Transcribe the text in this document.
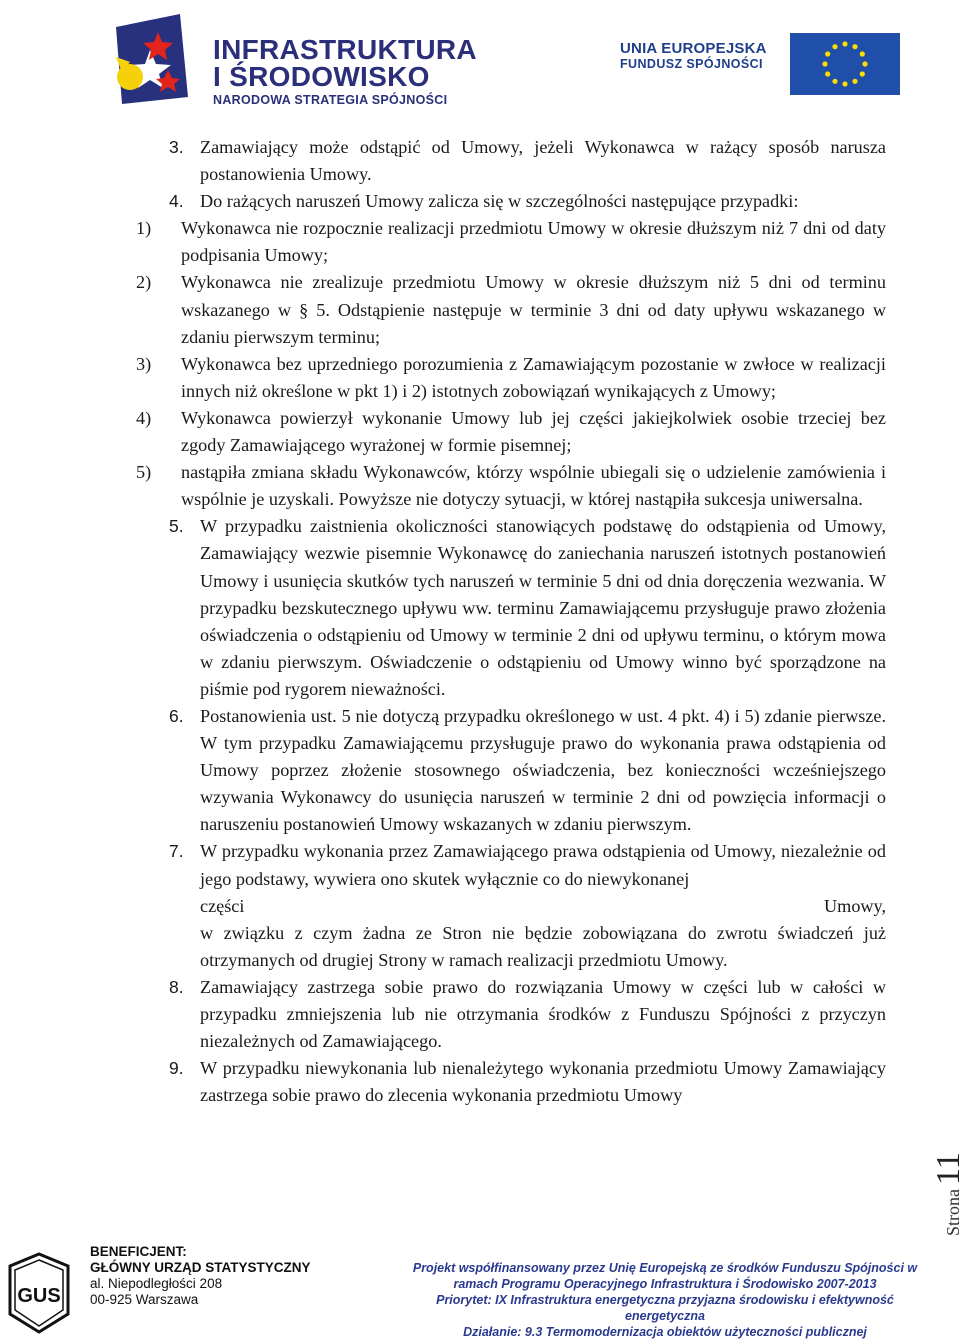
INFRASTRUKTURA
I ŚRODOWISKO
NARODOWA STRATEGIA SPÓJNOŚCI
UNIA EUROPEJSKA
FUNDUSZ SPÓJNOŚCI
3. Zamawiający może odstąpić od Umowy, jeżeli Wykonawca w rażący sposób narusza postanowienia Umowy.
4. Do rażących naruszeń Umowy zalicza się w szczególności następujące przypadki:
1) Wykonawca nie rozpocznie realizacji przedmiotu Umowy w okresie dłuższym niż 7 dni od daty podpisania Umowy;
2) Wykonawca nie zrealizuje przedmiotu Umowy w okresie dłuższym niż 5 dni od terminu wskazanego w § 5. Odstąpienie następuje w terminie 3 dni od daty upływu wskazanego w zdaniu pierwszym terminu;
3) Wykonawca bez uprzedniego porozumienia z Zamawiającym pozostanie w zwłoce w realizacji innych niż określone w pkt 1) i 2) istotnych zobowiązań wynikających z Umowy;
4) Wykonawca powierzył wykonanie Umowy lub jej części jakiejkolwiek osobie trzeciej bez zgody Zamawiającego wyrażonej w formie pisemnej;
5) nastąpiła zmiana składu Wykonawców, którzy wspólnie ubiegali się o udzielenie zamówienia i wspólnie je uzyskali. Powyższe nie dotyczy sytuacji, w której nastąpiła sukcesja uniwersalna.
5. W przypadku zaistnienia okoliczności stanowiących podstawę do odstąpienia od Umowy, Zamawiający wezwie pisemnie Wykonawcę do zaniechania naruszeń istotnych postanowień Umowy i usunięcia skutków tych naruszeń w terminie 5 dni od dnia doręczenia wezwania. W przypadku bezskutecznego upływu ww. terminu Zamawiającemu przysługuje prawo złożenia oświadczenia o odstąpieniu od Umowy w terminie 2 dni od upływu terminu, o którym mowa w zdaniu pierwszym. Oświadczenie o odstąpieniu od Umowy winno być sporządzone na piśmie pod rygorem nieważności.
6. Postanowienia ust. 5 nie dotyczą przypadku określonego w ust. 4 pkt. 4) i 5) zdanie pierwsze. W tym przypadku Zamawiającemu przysługuje prawo do wykonania prawa odstąpienia od Umowy poprzez złożenie stosownego oświadczenia, bez konieczności wcześniejszego wzywania Wykonawcy do usunięcia naruszeń w terminie 2 dni od powzięcia informacji o naruszeniu postanowień Umowy wskazanych w zdaniu pierwszym.
7. W przypadku wykonania przez Zamawiającego prawa odstąpienia od Umowy, niezależnie od jego podstawy, wywiera ono skutek wyłącznie co do niewykonanej
części	Umowy,
w związku z czym żadna ze Stron nie będzie zobowiązana do zwrotu świadczeń już otrzymanych od drugiej Strony w ramach realizacji przedmiotu Umowy.
8. Zamawiający zastrzega sobie prawo do rozwiązania Umowy w części lub w całości w przypadku zmniejszenia lub nie otrzymania środków z Funduszu Spójności z przyczyn niezależnych od Zamawiającego.
9. W przypadku niewykonania lub nienależytego wykonania przedmiotu Umowy Zamawiający zastrzega sobie prawo do zlecenia wykonania przedmiotu Umowy
Strona 11
GUS
BENEFICJENT:
GŁÓWNY URZĄD STATYSTYCZNY
al. Niepodległości 208
00-925 Warszawa
Projekt współfinansowany przez Unię Europejską ze środków Funduszu Spójności w
ramach Programu Operacyjnego Infrastruktura i Środowisko 2007-2013
Priorytet: IX Infrastruktura energetyczna przyjazna środowisku i efektywność
energetyczna
Działanie: 9.3 Termomodernizacja obiektów użyteczności publicznej
